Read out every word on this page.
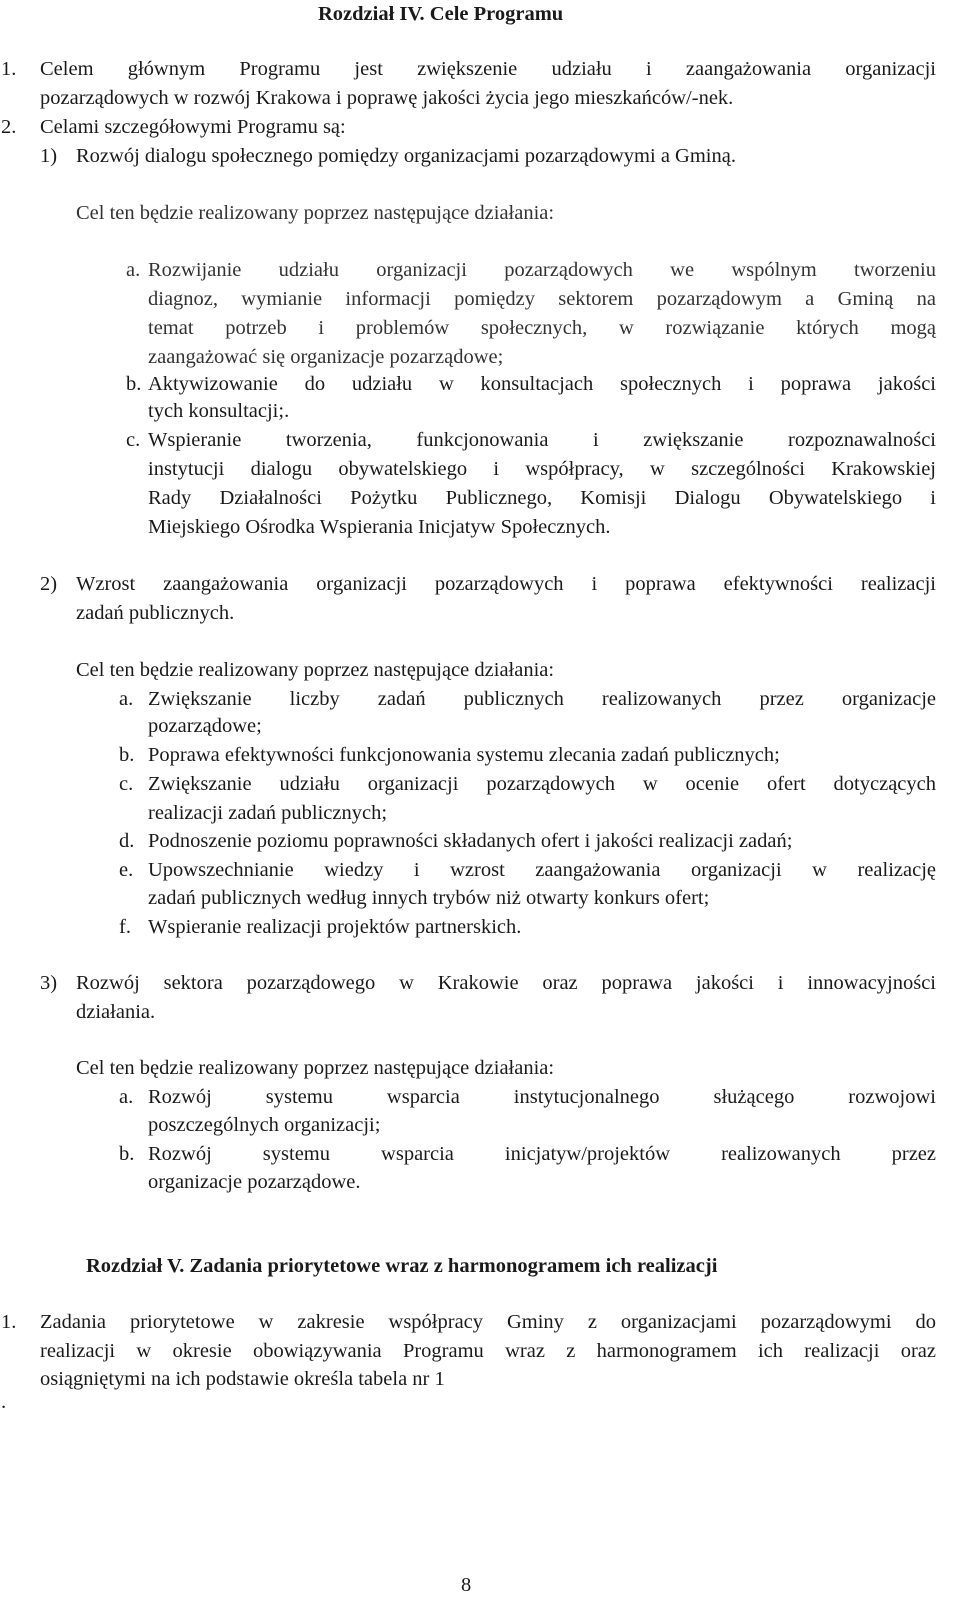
Rozdział IV. Cele Programu
1. Celem głównym Programu jest zwiększenie udziału i zaangażowania organizacji
pozarządowych w rozwój Krakowa i poprawę jakości życia jego mieszkańców/-nek.
2. Celami szczegółowymi Programu są:
1) Rozwój dialogu społecznego pomiędzy organizacjami pozarządowymi a Gminą.
Cel ten będzie realizowany poprzez następujące działania:
a. Rozwijanie udziału organizacji pozarządowych we wspólnym tworzeniu
diagnoz, wymianie informacji pomiędzy sektorem pozarządowym a Gminą na
temat potrzeb i problemów społecznych, w rozwiązanie których mogą
zaangażować się organizacje pozarządowe;
b. Aktywizowanie do udziału w konsultacjach społecznych i poprawa jakości
tych konsultacji;.
c. Wspieranie tworzenia, funkcjonowania i zwiększanie rozpoznawalności
instytucji dialogu obywatelskiego i współpracy, w szczególności Krakowskiej
Rady Działalności Pożytku Publicznego, Komisji Dialogu Obywatelskiego i
Miejskiego Ośrodka Wspierania Inicjatyw Społecznych.
2) Wzrost zaangażowania organizacji pozarządowych i poprawa efektywności realizacji
zadań publicznych.
Cel ten będzie realizowany poprzez następujące działania:
a. Zwiększanie liczby zadań publicznych realizowanych przez organizacje
pozarządowe;
b. Poprawa efektywności funkcjonowania systemu zlecania zadań publicznych;
c. Zwiększanie udziału organizacji pozarządowych w ocenie ofert dotyczących
realizacji zadań publicznych;
d. Podnoszenie poziomu poprawności składanych ofert i jakości realizacji zadań;
e. Upowszechnianie wiedzy i wzrost zaangażowania organizacji w realizację
zadań publicznych według innych trybów niż otwarty konkurs ofert;
f. Wspieranie realizacji projektów partnerskich.
3) Rozwój sektora pozarządowego w Krakowie oraz poprawa jakości i innowacyjności
działania.
Cel ten będzie realizowany poprzez następujące działania:
a. Rozwój systemu wsparcia instytucjonalnego służącego rozwojowi
poszczególnych organizacji;
b. Rozwój systemu wsparcia inicjatyw/projektów realizowanych przez
organizacje pozarządowe.
Rozdział V. Zadania priorytetowe wraz z harmonogramem ich realizacji
1. Zadania priorytetowe w zakresie współpracy Gminy z organizacjami pozarządowymi do
realizacji w okresie obowiązywania Programu wraz z harmonogramem ich realizacji oraz
osiągniętymi na ich podstawie określa tabela nr 1
.
8
